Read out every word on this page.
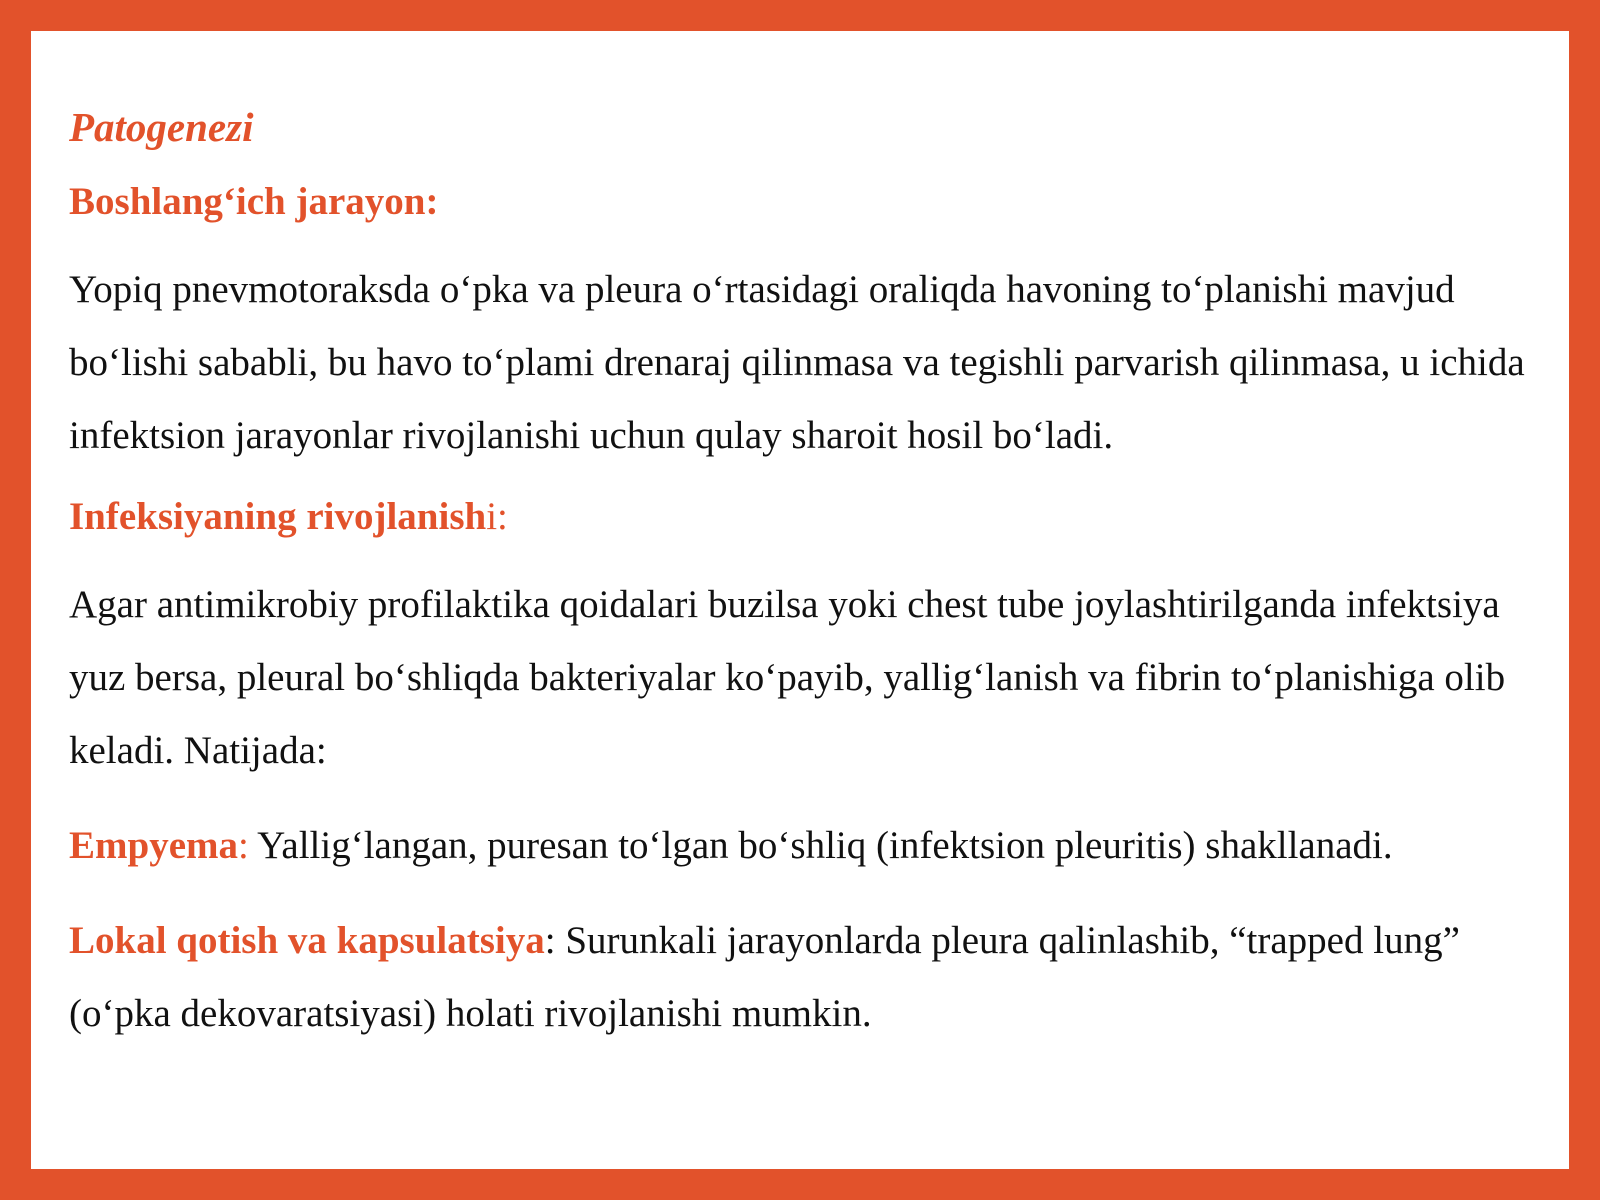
Patogenezi
Boshlang‘ich jarayon:

Yopiq pnevmotoraksda o‘pka va pleura o‘rtasidagi oraliqda havoning to‘planishi mavjud bo‘lishi sababli, bu havo to‘plami drenaraj qilinmasa va tegishli parvarish qilinmasa, u ichida infektsion jarayonlar rivojlanishi uchun qulay sharoit hosil bo‘ladi.

Infeksiyaning rivojlanishi:

Agar antimikrobiy profilaktika qoidalari buzilsa yoki chest tube joylashtirilganda infektsiya yuz bersa, pleural bo‘shliqda bakteriyalar ko‘payib, yallig‘lanish va fibrin to‘planishiga olib keladi. Natijada:

Empyema: Yallig‘langan, puresan to‘lgan bo‘shliq (infektsion pleuritis) shakllanadi.

Lokal qotish va kapsulatsiya: Surunkali jarayonlarda pleura qalinlashib, “trapped lung” (o‘pka dekovaratsiyasi) holati rivojlanishi mumkin.
